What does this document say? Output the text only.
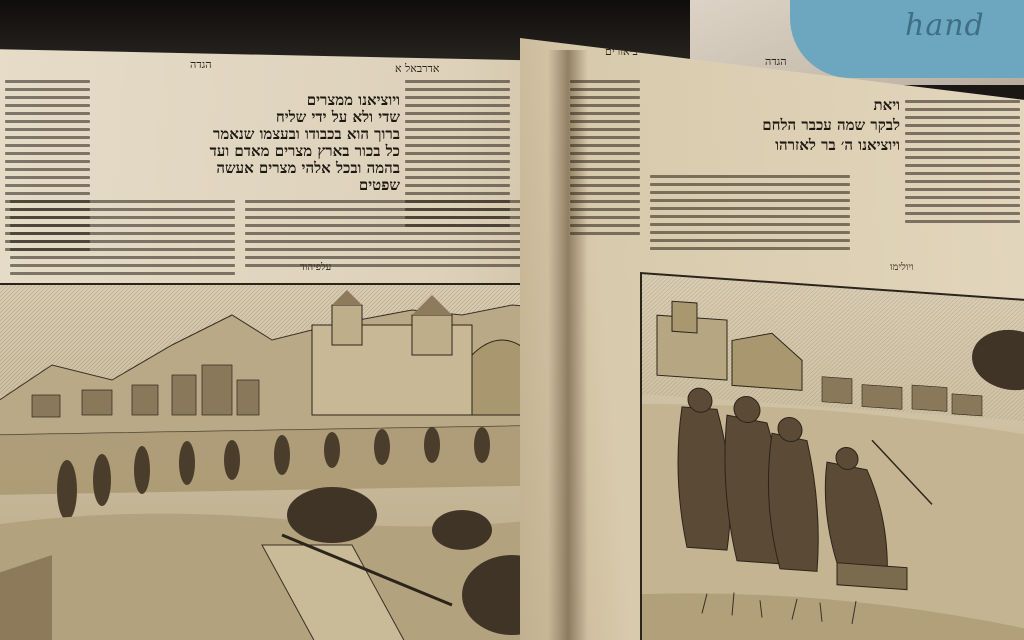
hand
אדרבאל א
הגדה
ויוציאנו ממצרים
שדי ולא על ידי שליח
ברוך הוא בכבודו ובעצמו שנאמר
כל בכור בארץ מצרים מאדם ועד
בהמה ובכל אלהי מצרים אעשה
שפטים
עלפיהוד
ביאורים
הגדה
ויאת
לבקר שמה עכבר הלחם
ויוציאנו ה׳ בר לאזרהו
ויולימו
